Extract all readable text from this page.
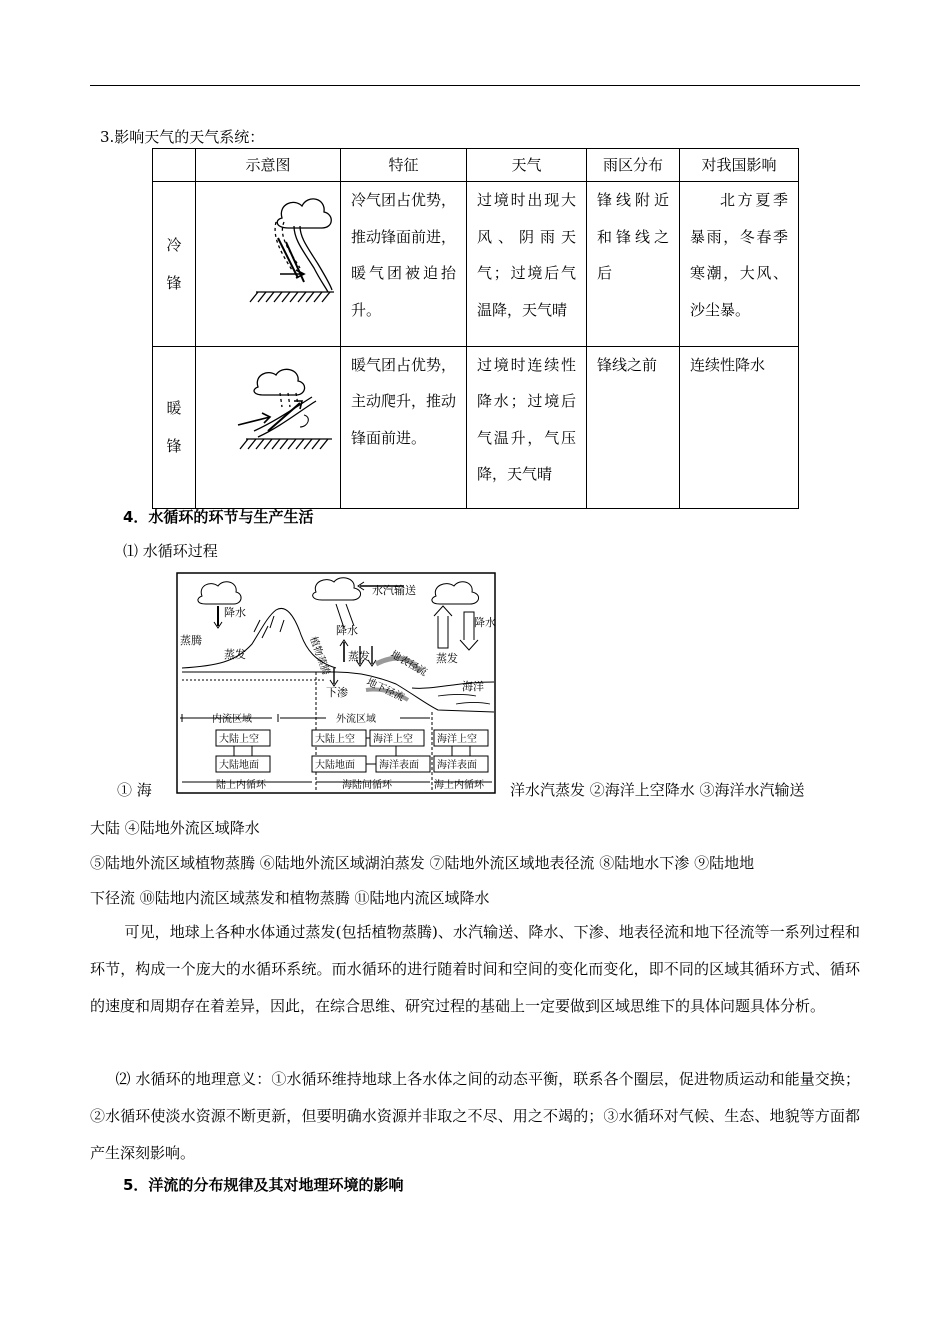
3.影响天气的天气系统：
	示意图	特征	天气	雨区分布	对我国影响
冷
锋		冷气团占优势，推动锋面前进，暖气团被迫抬升。	过境时出现大风、阴雨天气；过境后气温降，天气晴	锋线附近和锋线之后	北方夏季暴雨，冬春季寒潮，大风、沙尘暴。
暖
锋		暖气团占优势，主动爬升，推动锋面前进。	过境时连续性降水；过境后气温升，气压降，天气晴	锋线之前	连续性降水
4．水循环的环节与生产生活
⑴ 水循环过程
降水
蒸腾
蒸发
降水
植物蒸腾
水汽输送
蒸发
下渗
地表径流
地下径流
降水
蒸发
海洋
内流区域	外流区域
大陆上空
大陆地面
大陆上空
大陆地面
海洋上空
海洋表面
海洋上空
海洋表面
陆上内循环	海陆间循环	海上内循环
① 海	洋水汽蒸发 ②海洋上空降水 ③海洋水汽输送
大陆 ④陆地外流区域降水
⑤陆地外流区域植物蒸腾 ⑥陆地外流区域湖泊蒸发 ⑦陆地外流区域地表径流 ⑧陆地水下渗 ⑨陆地地
下径流 ⑩陆地内流区域蒸发和植物蒸腾 ⑪陆地内流区域降水
可见，地球上各种水体通过蒸发(包括植物蒸腾)、水汽输送、降水、下渗、地表径流和地下径流等一系列过程和环节，构成一个庞大的水循环系统。而水循环的进行随着时间和空间的变化而变化，即不同的区域其循环方式、循环的速度和周期存在着差异，因此，在综合思维、研究过程的基础上一定要做到区域思维下的具体问题具体分析。
⑵ 水循环的地理意义：①水循环维持地球上各水体之间的动态平衡，联系各个圈层，促进物质运动和能量交换；②水循环使淡水资源不断更新，但要明确水资源并非取之不尽、用之不竭的；③水循环对气候、生态、地貌等方面都产生深刻影响。
5．洋流的分布规律及其对地理环境的影响
